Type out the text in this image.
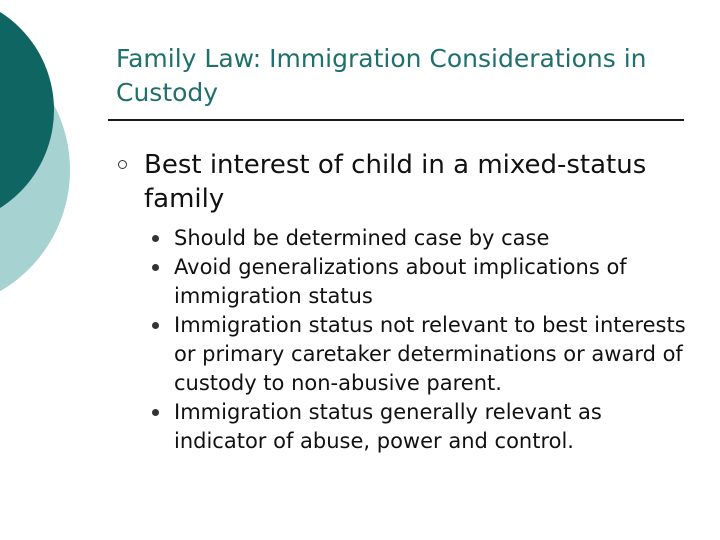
Family Law: Immigration Considerations in Custody
Best interest of child in a mixed-status family
Should be determined case by case
Avoid generalizations about implications of immigration status
Immigration status not relevant to best interests or primary caretaker determinations or award of custody to non-abusive parent.
Immigration status generally relevant as indicator of abuse, power and control.
